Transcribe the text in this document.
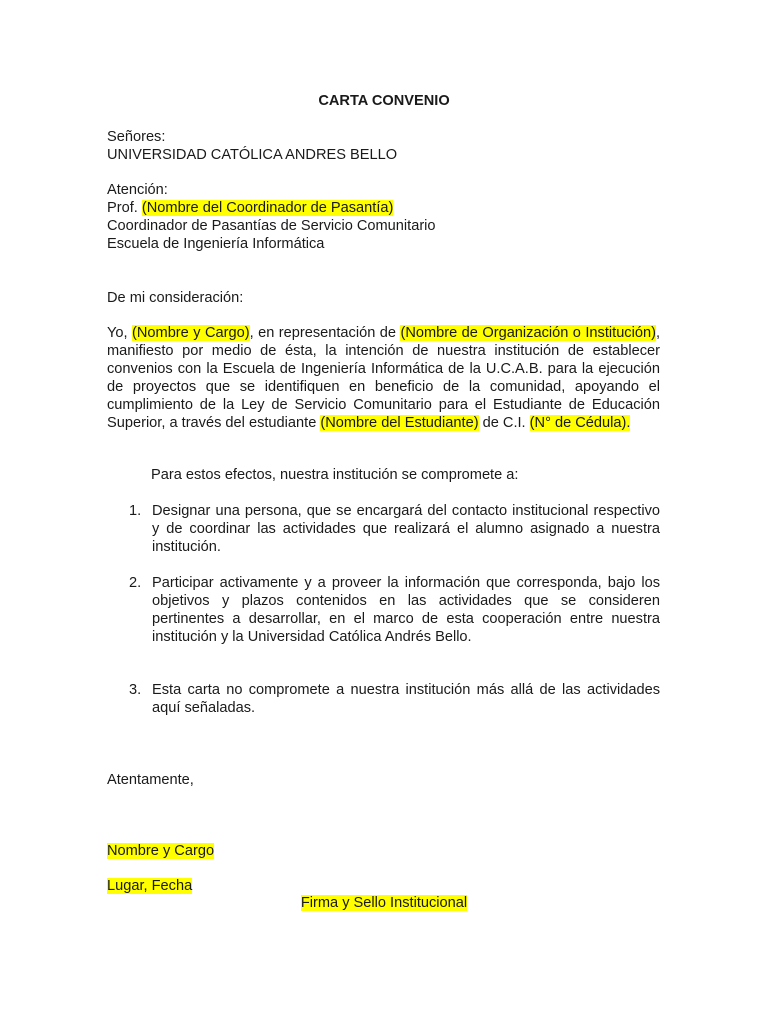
CARTA CONVENIO
Señores:
UNIVERSIDAD CATÓLICA ANDRES BELLO
Atención:
Prof. (Nombre del Coordinador de Pasantía)
Coordinador de Pasantías de Servicio Comunitario
Escuela de Ingeniería Informática
De mi consideración:
Yo, (Nombre y Cargo), en representación de (Nombre de Organización o Institución), manifiesto por medio de ésta, la intención de nuestra institución de establecer convenios con la Escuela de Ingeniería Informática de la U.C.A.B. para la ejecución de proyectos que se identifiquen en beneficio de la comunidad, apoyando el cumplimiento de la Ley de Servicio Comunitario para el Estudiante de Educación Superior, a través del estudiante (Nombre del Estudiante) de C.I. (N° de Cédula).
Para estos efectos, nuestra institución se compromete a:
1. Designar una persona, que se encargará del contacto institucional respectivo y de coordinar las actividades que realizará el alumno asignado a nuestra institución.
2. Participar activamente y a proveer la información que corresponda, bajo los objetivos y plazos contenidos en las actividades que se consideren pertinentes a desarrollar, en el marco de esta cooperación entre nuestra institución y la Universidad Católica Andrés Bello.
3. Esta carta no compromete a nuestra institución más allá de las actividades aquí señaladas.
Atentamente,
Nombre y Cargo
Lugar, Fecha
Firma y Sello Institucional
